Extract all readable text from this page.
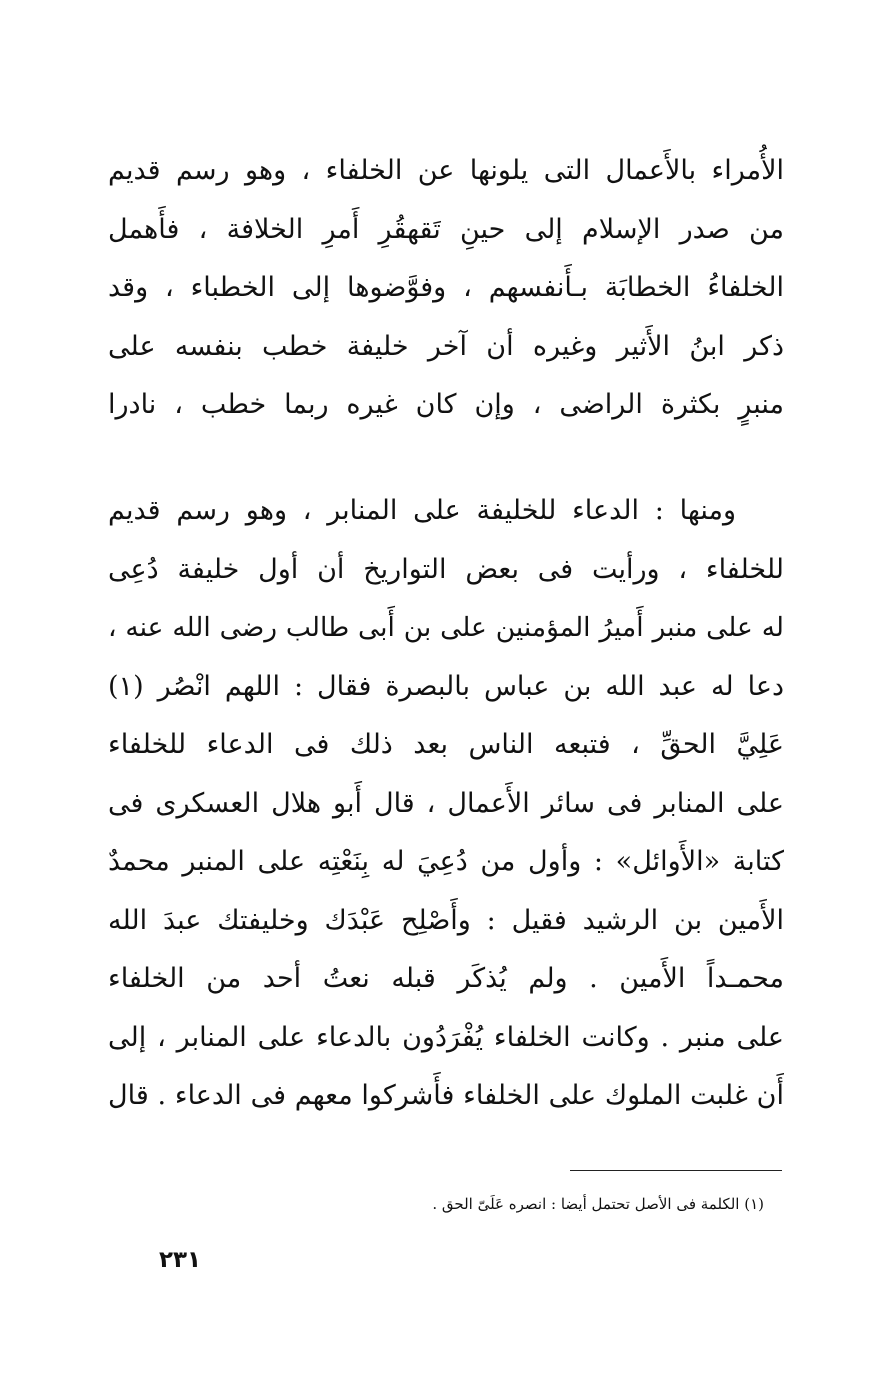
الأُمراء بالأَعمال التى يلونها عن الخلفاء ، وهو رسم قديم
من صدر الإسلام إلى حينِ تَقهقُرِ أَمرِ الخلافة ، فأَهمل
الخلفاءُ الخطابَة بـأَنفسهم ، وفوَّضوها إلى الخطباء ، وقد
ذكر ابنُ الأَثير وغيره أن آخر خليفة خطب بنفسه على
منبرٍ بكثرة الراضى ، وإن كان غيره ربما خطب ، نادرا
ومنها : الدعاء للخليفة على المنابر ، وهو رسم قديم
للخلفاء ، ورأيت فى بعض التواريخ أن أول خليفة دُعِى
له على منبر أَميرُ المؤمنين على بن أَبى طالب رضى الله عنه ،
دعا له عبد الله بن عباس بالبصرة فقال : اللهم انْصُر (١)
عَلِيَّ الحقِّ ، فتبعه الناس بعد ذلك فى الدعاء للخلفاء
على المنابر فى سائر الأَعمال ، قال أَبو هلال العسكرى فى
كتابة «الأَوائل» : وأول من دُعِيَ له بِنَعْتِه على المنبر محمدٌ
الأَمين بن الرشيد فقيل : وأَصْلِح عَبْدَك وخليفتك عبدَ الله
محمـداً الأَمين . ولم يُذكَر قبله نعتُ أحد من الخلفاء
على منبر . وكانت الخلفاء يُفْرَدُون بالدعاء على المنابر ، إلى
أَن غلبت الملوك على الخلفاء فأَشركوا معهم فى الدعاء . قال
(١) الكلمة فى الأصل تحتمل أيضا : انصره عَلَىّ الحق .
٢٣١
